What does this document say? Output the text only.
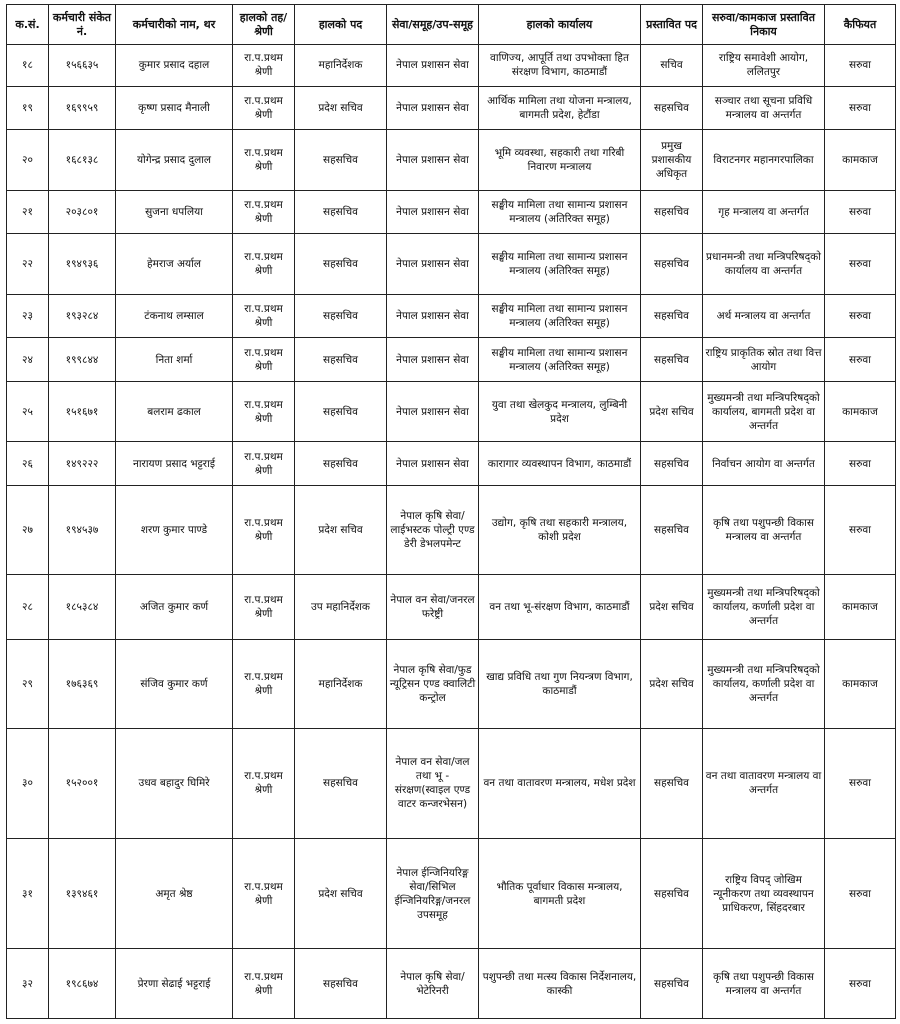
क.सं.	कर्मचारी संकेत नं.	कर्मचारीको नाम, थर	हालको तह/श्रेणी	हालको पद	सेवा/समूह/उप-समूह	हालको कार्यालय	प्रस्तावित पद	सरुवा/कामकाज प्रस्तावित निकाय	कैफियत
१८	१५६६३५	कुमार प्रसाद दहाल	रा.प.प्रथम श्रेणी	महानिर्देशक	नेपाल प्रशासन सेवा	वाणिज्य, आपूर्ति तथा उपभोक्ता हित संरक्षण विभाग, काठमाडौं	सचिव	राष्ट्रिय समावेशी आयोग, ललितपुर	सरुवा
१९	१६९९५९	कृष्ण प्रसाद मैनाली	रा.प.प्रथम श्रेणी	प्रदेश सचिव	नेपाल प्रशासन सेवा	आर्थिक मामिला तथा योजना मन्त्रालय, बागमती प्रदेश, हेटौंडा	सहसचिव	सञ्चार तथा सूचना प्रविधि मन्त्रालय वा अन्तर्गत	सरुवा
२०	१६८१३८	योगेन्द्र प्रसाद दुलाल	रा.प.प्रथम श्रेणी	सहसचिव	नेपाल प्रशासन सेवा	भूमि व्यवस्था, सहकारी तथा गरिबी निवारण मन्त्रालय	प्रमुख प्रशासकीय अधिकृत	विराटनगर महानगरपालिका	कामकाज
२१	२०३८०१	सुजना धपलिया	रा.प.प्रथम श्रेणी	सहसचिव	नेपाल प्रशासन सेवा	सङ्घीय मामिला तथा सामान्य प्रशासन मन्त्रालय (अतिरिक्त समूह)	सहसचिव	गृह मन्त्रालय वा अन्तर्गत	सरुवा
२२	१९४९३६	हेमराज अर्याल	रा.प.प्रथम श्रेणी	सहसचिव	नेपाल प्रशासन सेवा	सङ्घीय मामिला तथा सामान्य प्रशासन मन्त्रालय (अतिरिक्त समूह)	सहसचिव	प्रधानमन्त्री तथा मन्त्रिपरिषद्को कार्यालय वा अन्तर्गत	सरुवा
२३	१९३२८४	टंकनाथ लम्साल	रा.प.प्रथम श्रेणी	सहसचिव	नेपाल प्रशासन सेवा	सङ्घीय मामिला तथा सामान्य प्रशासन मन्त्रालय (अतिरिक्त समूह)	सहसचिव	अर्थ मन्त्रालय वा अन्तर्गत	सरुवा
२४	१९९८४४	निता शर्मा	रा.प.प्रथम श्रेणी	सहसचिव	नेपाल प्रशासन सेवा	सङ्घीय मामिला तथा सामान्य प्रशासन मन्त्रालय (अतिरिक्त समूह)	सहसचिव	राष्ट्रिय प्राकृतिक स्रोत तथा वित्त आयोग	सरुवा
२५	१५१६७१	बलराम ढकाल	रा.प.प्रथम श्रेणी	सहसचिव	नेपाल प्रशासन सेवा	युवा तथा खेलकुद मन्त्रालय, लुम्बिनी प्रदेश	प्रदेश सचिव	मुख्यमन्त्री तथा मन्त्रिपरिषद्को कार्यालय, बागमती प्रदेश वा अन्तर्गत	कामकाज
२६	१४९२२२	नारायण प्रसाद भट्टराई	रा.प.प्रथम श्रेणी	सहसचिव	नेपाल प्रशासन सेवा	कारागार व्यवस्थापन विभाग, काठमाडौं	सहसचिव	निर्वाचन आयोग वा अन्तर्गत	सरुवा
२७	१९४५३७	शरण कुमार पाण्डे	रा.प.प्रथम श्रेणी	प्रदेश सचिव	नेपाल कृषि सेवा/लाईभस्टक पोल्ट्री एण्ड डेरी डेभलपमेन्ट	उद्योग, कृषि तथा सहकारी मन्त्रालय, कोशी प्रदेश	सहसचिव	कृषि तथा पशुपन्छी विकास मन्त्रालय वा अन्तर्गत	सरुवा
२८	१८५३८४	अजित कुमार कर्ण	रा.प.प्रथम श्रेणी	उप महानिर्देशक	नेपाल वन सेवा/जनरल फरेष्ट्री	वन तथा भू-संरक्षण विभाग, काठमाडौं	प्रदेश सचिव	मुख्यमन्त्री तथा मन्त्रिपरिषद्को कार्यालय, कर्णाली प्रदेश वा अन्तर्गत	कामकाज
२९	१७६३६९	संजिव कुमार कर्ण	रा.प.प्रथम श्रेणी	महानिर्देशक	नेपाल कृषि सेवा/फुड न्यूट्रिसन एण्ड क्वालिटी कन्ट्रोल	खाद्य प्रविधि तथा गुण नियन्त्रण विभाग, काठमाडौं	प्रदेश सचिव	मुख्यमन्त्री तथा मन्त्रिपरिषद्को कार्यालय, कर्णाली प्रदेश वा अन्तर्गत	कामकाज
३०	१५२००१	उधव बहादुर घिमिरे	रा.प.प्रथम श्रेणी	सहसचिव	नेपाल वन सेवा/जल तथा भू - संरक्षण(स्वाइल एण्ड वाटर कन्जरभेसन)	वन तथा वातावरण मन्त्रालय, मधेश प्रदेश	सहसचिव	वन तथा वातावरण मन्त्रालय वा अन्तर्गत	सरुवा
३१	१३९४६१	अमृत श्रेष्ठ	रा.प.प्रथम श्रेणी	प्रदेश सचिव	नेपाल ईन्जिनियरिङ्ग सेवा/सिभिल ईन्जिनियरिङ्ग/जनरल उपसमूह	भौतिक पूर्वाधार विकास मन्त्रालय, बागमती प्रदेश	सहसचिव	राष्ट्रिय विपद् जोखिम न्यूनीकरण तथा व्यवस्थापन प्राधिकरण, सिंहदरबार	सरुवा
३२	१९८६७४	प्रेरणा सेढाई भट्टराई	रा.प.प्रथम श्रेणी	सहसचिव	नेपाल कृषि सेवा/भेटेरिनरी	पशुपन्छी तथा मत्स्य विकास निर्देशनालय, कास्की	सहसचिव	कृषि तथा पशुपन्छी विकास मन्त्रालय वा अन्तर्गत	सरुवा
